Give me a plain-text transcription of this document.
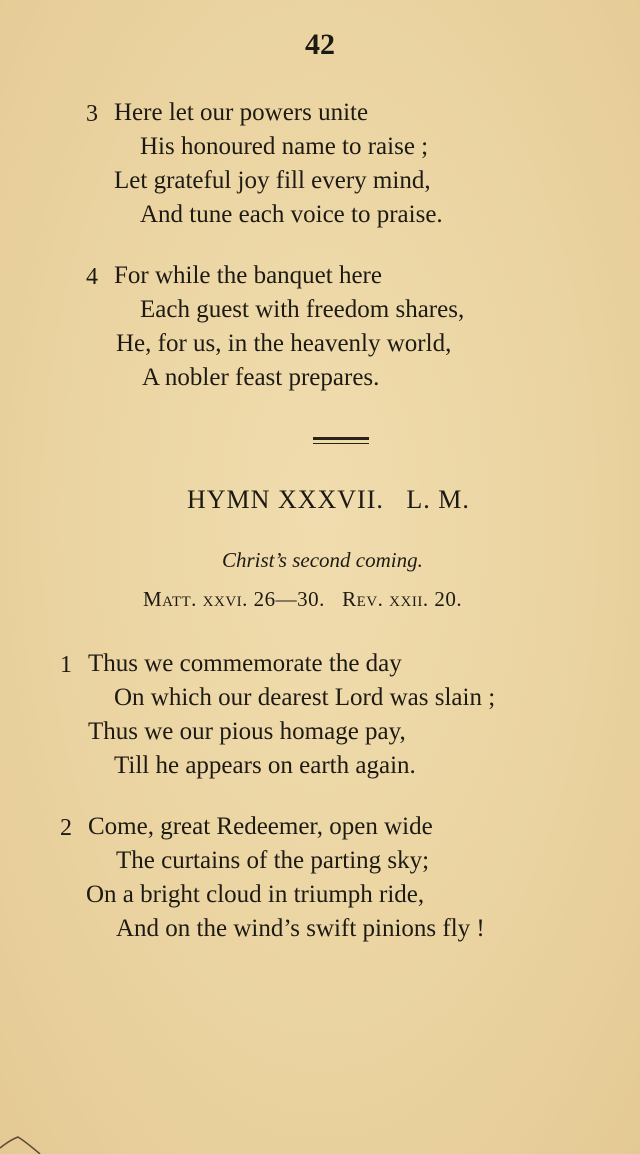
42
3 Here let our powers unite
His honoured name to raise ;
Let grateful joy fill every mind,
And tune each voice to praise.
4 For while the banquet here
Each guest with freedom shares,
He, for us, in the heavenly world,
A nobler feast prepares.
HYMN XXXVII.   L. M.
Christ’s second coming.
Matt. xxvi. 26—30.   Rev. xxii. 20.
1 Thus we commemorate the day
On which our dearest Lord was slain ;
Thus we our pious homage pay,
Till he appears on earth again.
2 Come, great Redeemer, open wide
The curtains of the parting sky;
On a bright cloud in triumph ride,
And on the wind’s swift pinions fly !
